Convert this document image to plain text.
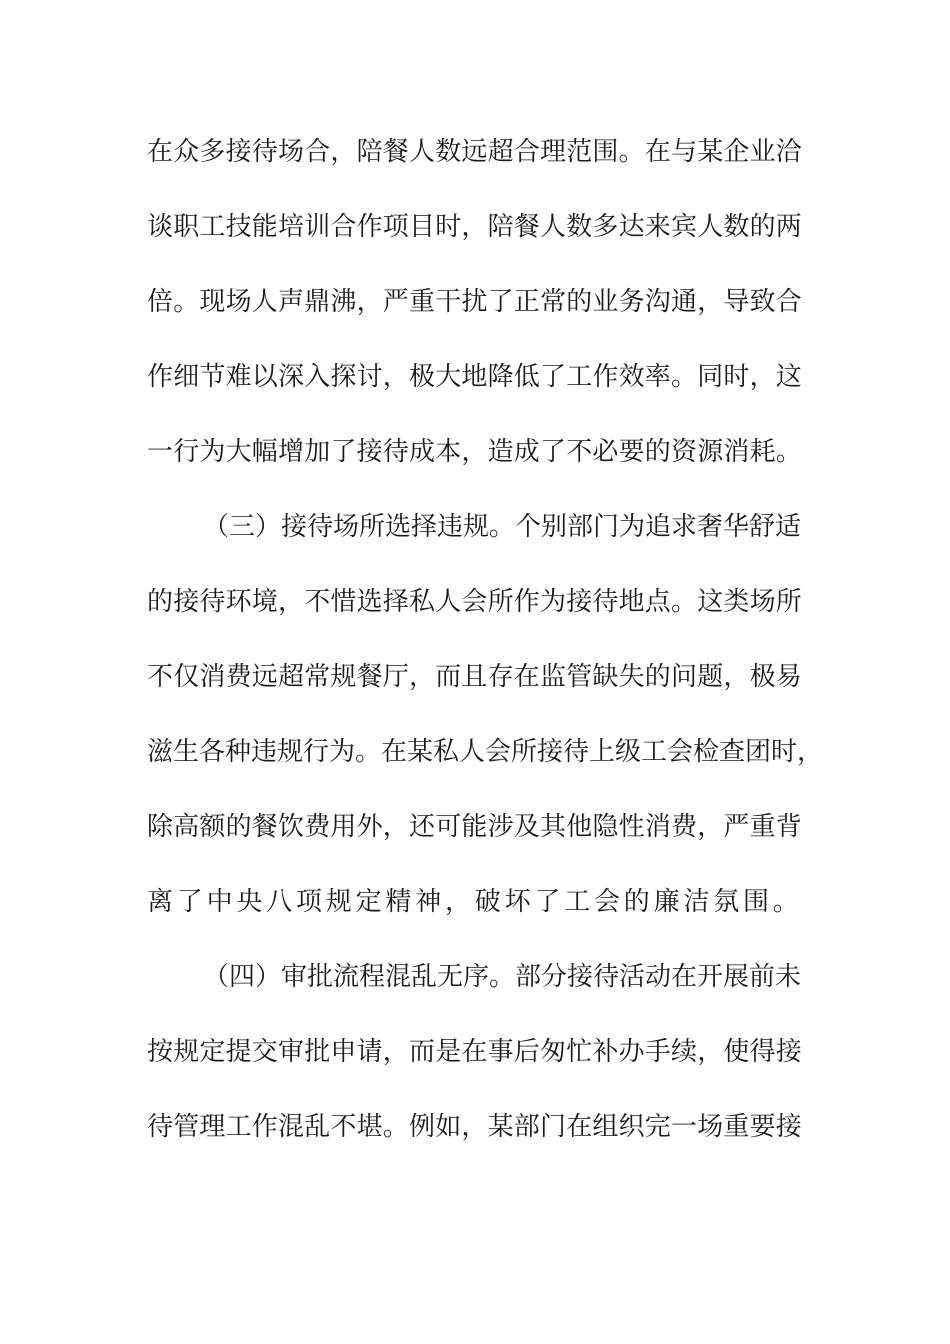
在众多接待场合，陪餐人数远超合理范围。在与某企业洽

谈职工技能培训合作项目时，陪餐人数多达来宾人数的两

倍。现场人声鼎沸，严重干扰了正常的业务沟通，导致合

作细节难以深入探讨，极大地降低了工作效率。同时，这

一行为大幅增加了接待成本，造成了不必要的资源消耗。

（三）接待场所选择违规。个别部门为追求奢华舒适

的接待环境，不惜选择私人会所作为接待地点。这类场所

不仅消费远超常规餐厅，而且存在监管缺失的问题，极易

滋生各种违规行为。在某私人会所接待上级工会检查团时，

除高额的餐饮费用外，还可能涉及其他隐性消费，严重背

离了中央八项规定精神，破坏了工会的廉洁氛围。

（四）审批流程混乱无序。部分接待活动在开展前未

按规定提交审批申请，而是在事后匆忙补办手续，使得接

待管理工作混乱不堪。例如，某部门在组织完一场重要接
